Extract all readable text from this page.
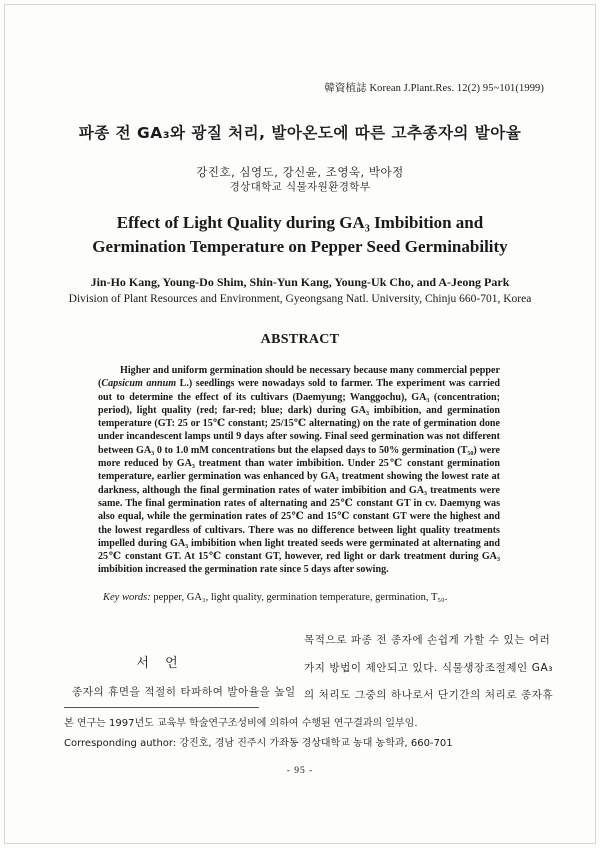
韓資植誌 Korean J.Plant.Res. 12(2) 95~101(1999)
파종 전 GA₃와 광질 처리, 발아온도에 따른 고추종자의 발아율
강진호, 심영도, 강신윤, 조영욱, 박아정
경상대학교 식물자원환경학부
Effect of Light Quality during GA₃ Imbibition and
Germination Temperature on Pepper Seed Germinability
Jin-Ho Kang, Young-Do Shim, Shin-Yun Kang, Young-Uk Cho, and A-Jeong Park
Division of Plant Resources and Environment, Gyeongsang Natl. University, Chinju 660-701, Korea
ABSTRACT

Higher and uniform germination should be necessary because many commercial pepper (Capsicum annum L.) seedlings were nowadays sold to farmer. The experiment was carried out to determine the effect of its cultivars (Daemyung; Wanggochu), GA₃ (concentration; period), light quality (red; far-red; blue; dark) during GA₃ imbibition, and germination temperature (GT: 25 or 15℃ constant; 25/15℃ alternating) on the rate of germination done under incandescent lamps until 9 days after sowing. Final seed germination was not different between GA₃ 0 to 1.0 mM concentrations but the elapsed days to 50% germination (T₅₀) were more reduced by GA₃ treatment than water imbibition. Under 25℃ constant germination temperature, earlier germination was enhanced by GA₃ treatment showing the lowest rate at darkness, although the final germination rates of water imbibition and GA₃ treatments were same. The final germination rates of alternating and 25℃ constant GT in cv. Daemyng was also equal, while the germination rates of 25℃ and 15℃ constant GT were the highest and the lowest regardless of cultivars. There was no difference between light quality treatments impelled during GA₃ imbibition when light treated seeds were germinated at alternating and 25℃ constant GT. At 15℃ constant GT, however, red light or dark treatment during GA₃ imbibition increased the germination rate since 5 days after sowing.

Key words: pepper, GA₃, light quality, germination temperature, germination, T₅₀.
서 언
종자의 휴면을 적절히 타파하여 발아율을 높일
목적으로 파종 전 종자에 손쉽게 가할 수 있는 여러
가지 방법이 제안되고 있다. 식물생장조절제인 GA₃
의 처리도 그중의 하나로서 단기간의 처리로 종자휴
본 연구는 1997년도 교육부 학술연구조성비에 의하여 수행된 연구결과의 일부임.
Corresponding author: 강진호, 경남 진주시 가좌동 경상대학교 농대 농학과, 660-701
- 95 -
